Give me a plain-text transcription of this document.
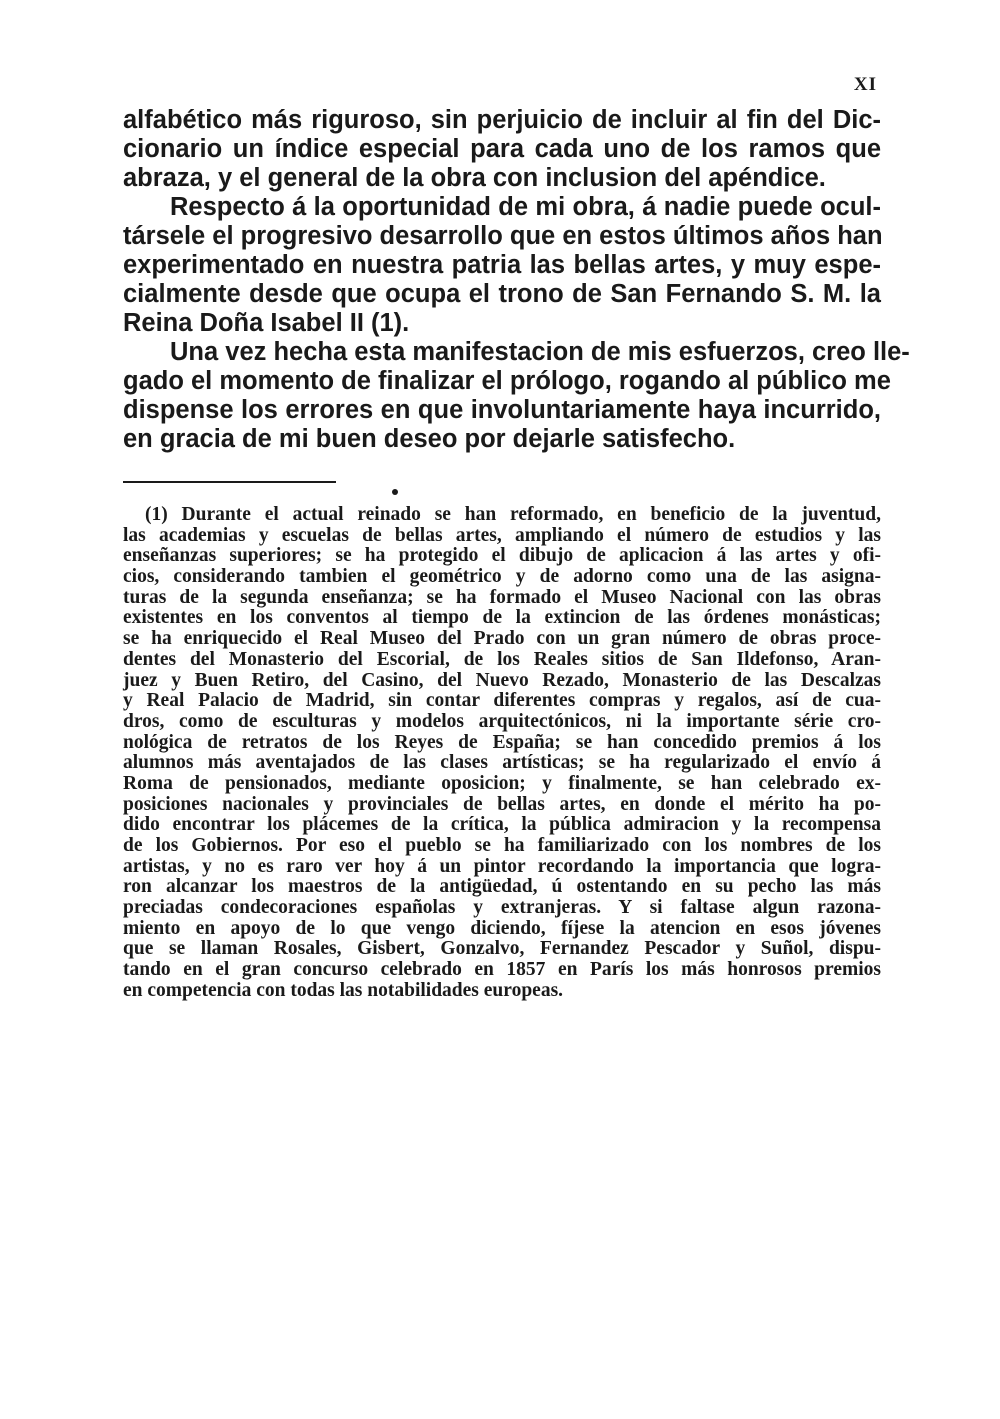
XI
alfabético más riguroso, sin perjuicio de incluir al fin del Dic-
cionario un índice especial para cada uno de los ramos que
abraza, y el general de la obra con inclusion del apéndice.
Respecto á la oportunidad de mi obra, á nadie puede ocul-
társele el progresivo desarrollo que en estos últimos años han
experimentado en nuestra patria las bellas artes, y muy espe-
cialmente desde que ocupa el trono de San Fernando S. M. la
Reina Doña Isabel II (1).
Una vez hecha esta manifestacion de mis esfuerzos, creo lle-
gado el momento de finalizar el prólogo, rogando al público me
dispense los errores en que involuntariamente haya incurrido,
en gracia de mi buen deseo por dejarle satisfecho.
(1) Durante el actual reinado se han reformado, en beneficio de la juventud,
las academias y escuelas de bellas artes, ampliando el número de estudios y las
enseñanzas superiores; se ha protegido el dibujo de aplicacion á las artes y ofi-
cios, considerando tambien el geométrico y de adorno como una de las asigna-
turas de la segunda enseñanza; se ha formado el Museo Nacional con las obras
existentes en los conventos al tiempo de la extincion de las órdenes monásticas;
se ha enriquecido el Real Museo del Prado con un gran número de obras proce-
dentes del Monasterio del Escorial, de los Reales sitios de San Ildefonso, Aran-
juez y Buen Retiro, del Casino, del Nuevo Rezado, Monasterio de las Descalzas
y Real Palacio de Madrid, sin contar diferentes compras y regalos, así de cua-
dros, como de esculturas y modelos arquitectónicos, ni la importante série cro-
nológica de retratos de los Reyes de España; se han concedido premios á los
alumnos más aventajados de las clases artísticas; se ha regularizado el envío á
Roma de pensionados, mediante oposicion; y finalmente, se han celebrado ex-
posiciones nacionales y provinciales de bellas artes, en donde el mérito ha po-
dido encontrar los plácemes de la crítica, la pública admiracion y la recompensa
de los Gobiernos. Por eso el pueblo se ha familiarizado con los nombres de los
artistas, y no es raro ver hoy á un pintor recordando la importancia que logra-
ron alcanzar los maestros de la antigüedad, ú ostentando en su pecho las más
preciadas condecoraciones españolas y extranjeras. Y si faltase algun razona-
miento en apoyo de lo que vengo diciendo, fíjese la atencion en esos jóvenes
que se llaman Rosales, Gisbert, Gonzalvo, Fernandez Pescador y Suñol, dispu-
tando en el gran concurso celebrado en 1857 en París los más honrosos premios
en competencia con todas las notabilidades europeas.
